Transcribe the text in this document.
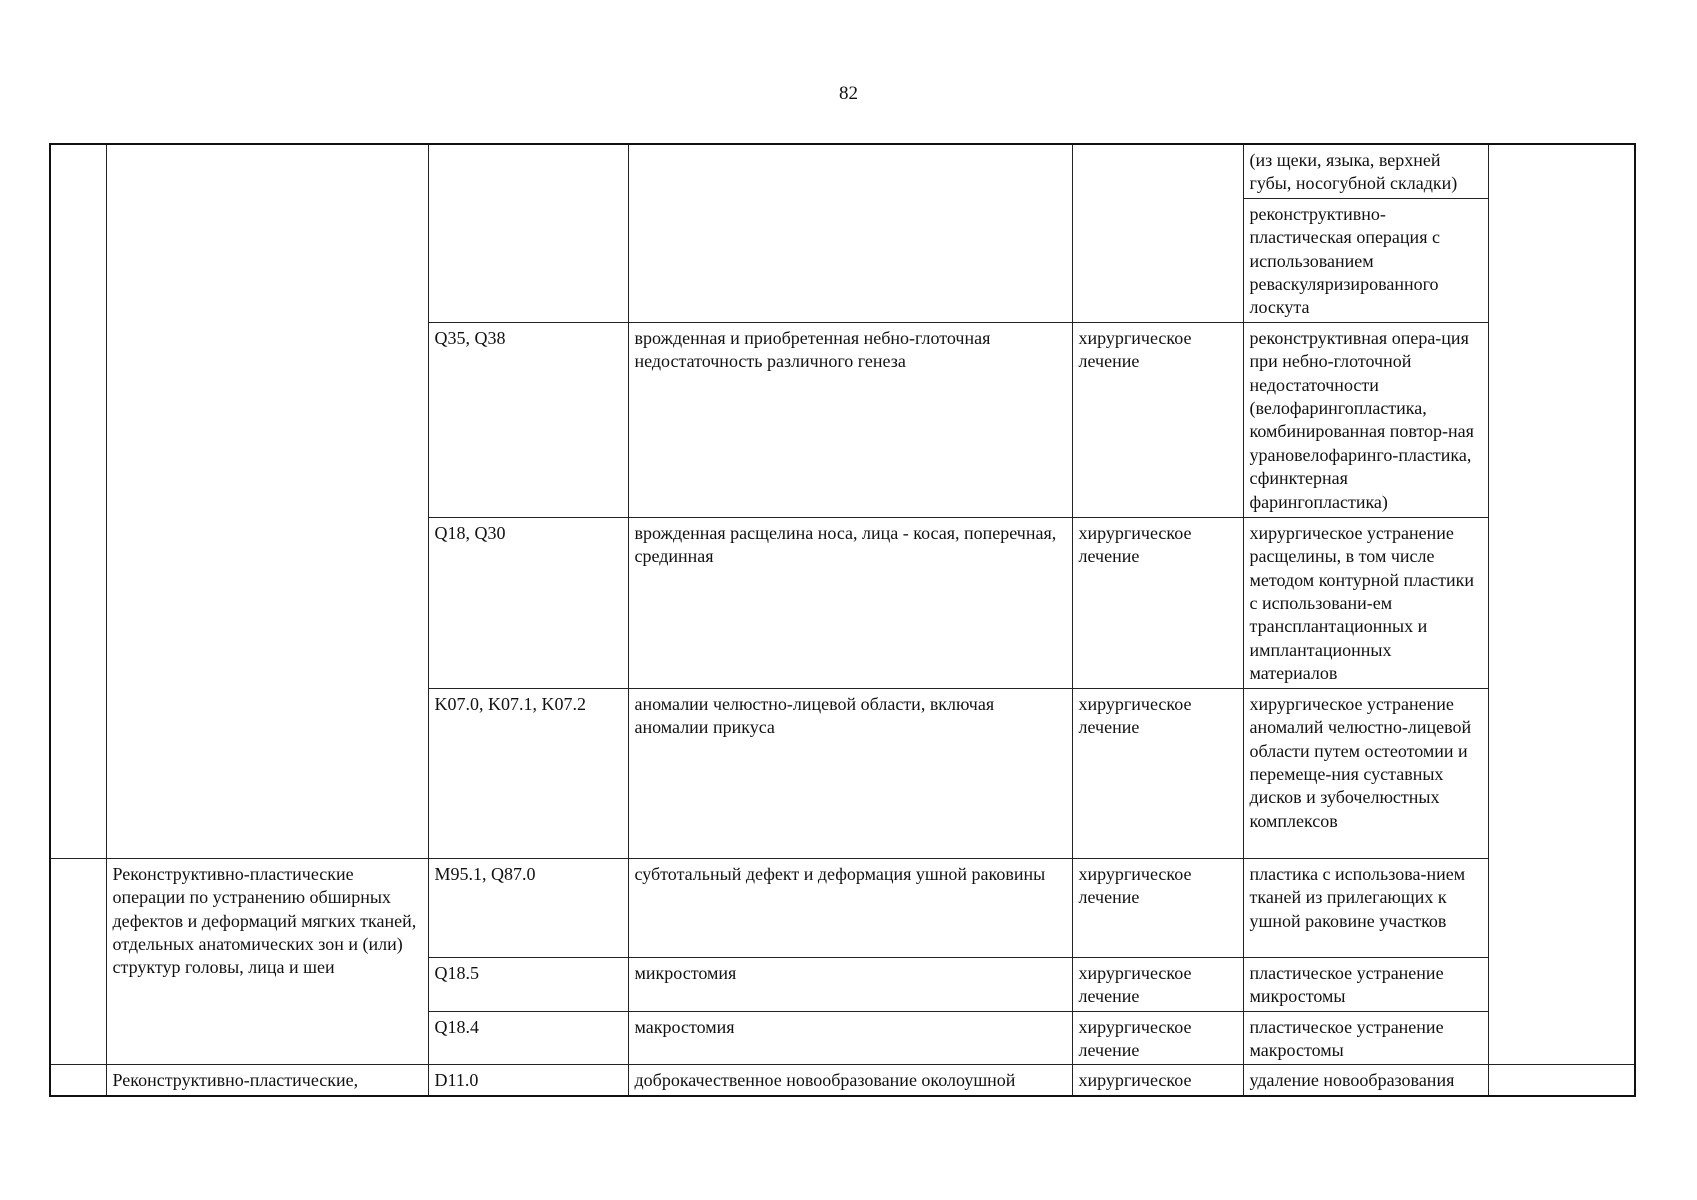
82
					(из щеки, языка, верхней губы, носогубной складки)	
					реконструктивно-пластическая операция с использованием реваскуляризированного лоскута	
		Q35, Q38	врожденная и приобретенная небно-глоточная недостаточность различного генеза	хирургическое лечение	реконструктивная опера-ция при небно-глоточной недостаточности (велофарингопластика, комбинированная повтор-ная урановелофаринго-пластика, сфинктерная фарингопластика)	
		Q18, Q30	врожденная расщелина носа, лица - косая, поперечная, срединная	хирургическое лечение	хирургическое устранение расщелины, в том числе методом контурной пластики с использовани-ем трансплантационных и имплантационных материалов	
		K07.0, K07.1, K07.2	аномалии челюстно-лицевой области, включая аномалии прикуса	хирургическое лечение	хирургическое устранение аномалий челюстно-лицевой области путем остеотомии и перемеще-ния суставных дисков и зубочелюстных комплексов	

	Реконструктивно-пластические операции по устранению обширных дефектов и деформаций мягких тканей, отдельных анатомических зон и (или) структур головы, лица и шеи	M95.1, Q87.0	субтотальный дефект и деформация ушной раковины	хирургическое лечение	пластика с использова-нием тканей из прилегающих к ушной раковине участков	
		Q18.5	микростомия	хирургическое лечение	пластическое устранение микростомы	
		Q18.4	макростомия	хирургическое лечение	пластическое устранение макростомы	
	Реконструктивно-пластические,	D11.0	доброкачественное новообразование околоушной	хирургическое	удаление новообразования	
